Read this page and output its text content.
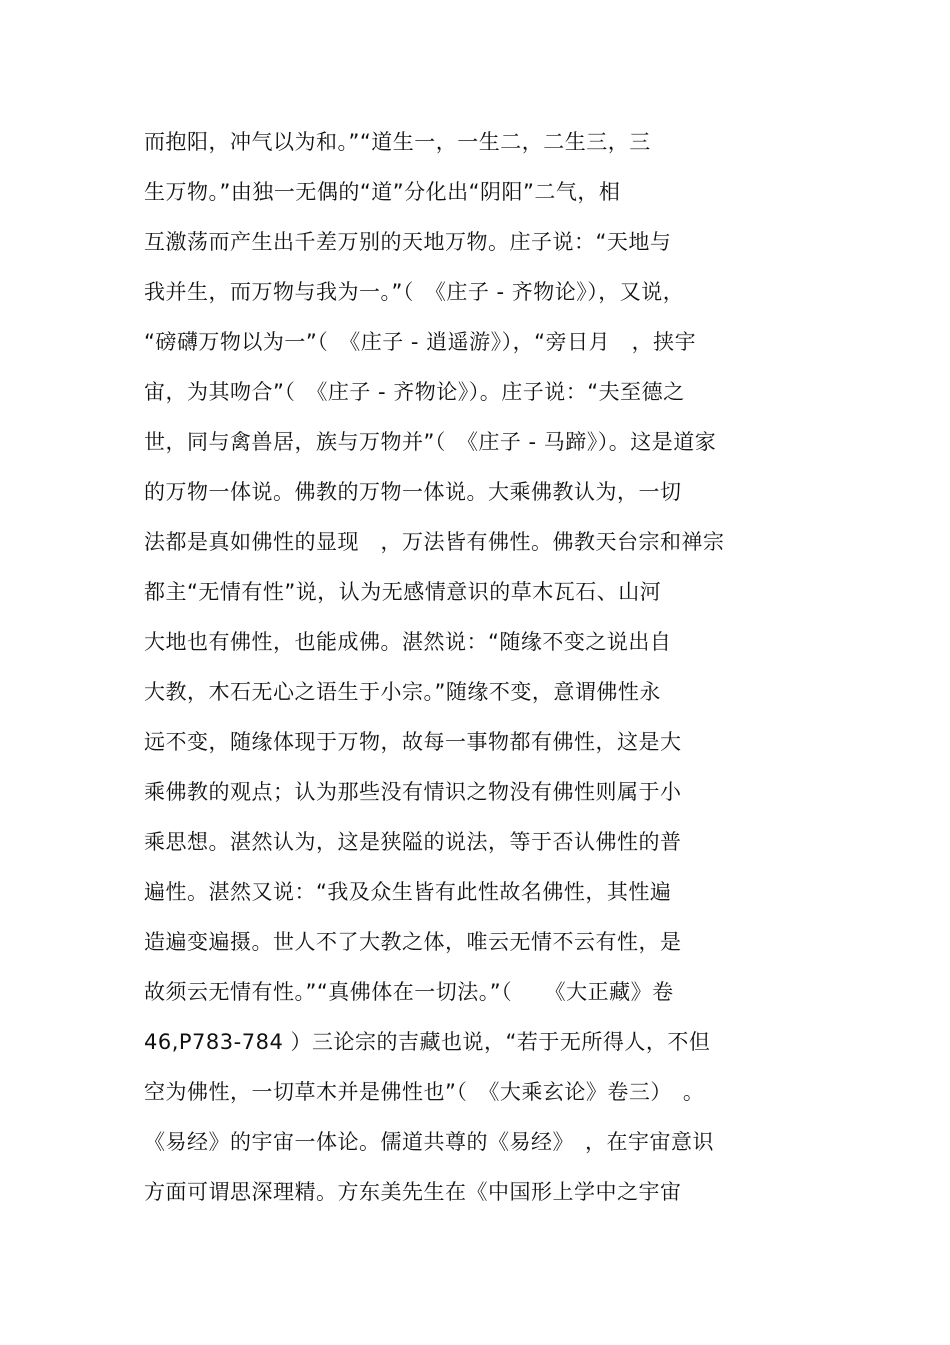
而抱阳，冲气以为和。”“道生一，一生二，二生三，三
生万物。”由独一无偶的“道”分化出“阴阳”二气，相
互激荡而产生出千差万别的天地万物。庄子说：“天地与
我并生，而万物与我为一。”（　《庄子 - 齐物论》），又说，
“磅礴万物以为一”（　《庄子 - 逍遥游》），“旁日月　，挟宇
宙，为其吻合”（　《庄子 - 齐物论》）。庄子说：“夫至德之
世，同与禽兽居，族与万物并”（　《庄子 - 马蹄》）。这是道家
的万物一体说。佛教的万物一体说。大乘佛教认为，一切
法都是真如佛性的显现　，万法皆有佛性。佛教天台宗和禅宗
都主“无情有性”说，认为无感情意识的草木瓦石、山河
大地也有佛性，也能成佛。湛然说：“随缘不变之说出自
大教，木石无心之语生于小宗。”随缘不变，意谓佛性永
远不变，随缘体现于万物，故每一事物都有佛性，这是大
乘佛教的观点；认为那些没有情识之物没有佛性则属于小
乘思想。湛然认为，这是狭隘的说法，等于否认佛性的普
遍性。湛然又说：“我及众生皆有此性故名佛性，其性遍
造遍变遍摄。世人不了大教之体，唯云无情不云有性，是
故须云无情有性。”“真佛体在一切法。”（　　《大正藏》卷
46,P783-784 ）三论宗的吉藏也说，“若于无所得人，不但
空为佛性，一切草木并是佛性也”（　《大乘玄论》卷三）　。
《易经》的宇宙一体论。儒道共尊的《易经》　，在宇宙意识
方面可谓思深理精。方东美先生在《中国形上学中之宇宙
